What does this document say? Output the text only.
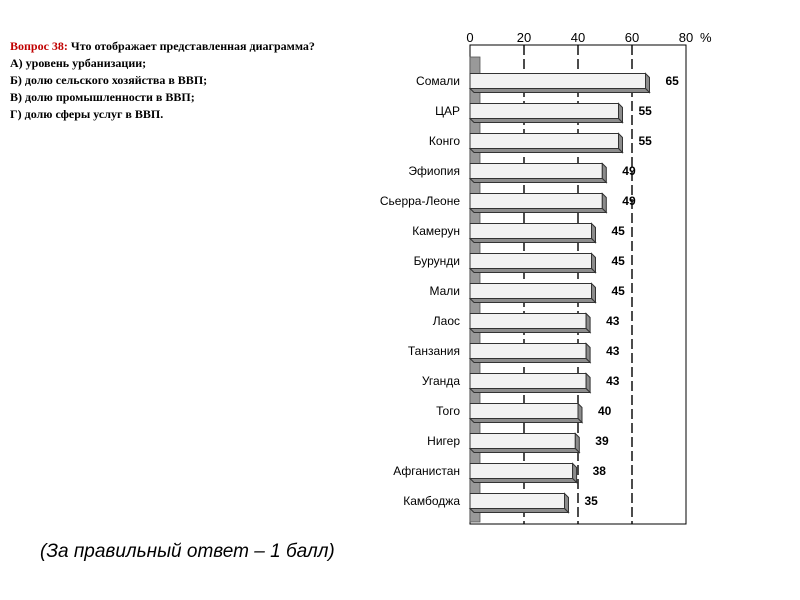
Вопрос 38: Что отображает представленная диаграмма?
А) уровень урбанизации;
Б) долю сельского хозяйства в ВВП;
В) долю промышленности в ВВП;
Г) долю сферы услуг в ВВП.
0	20	40	60	80 %
Сомали	65
ЦАР	55
Конго	55
Эфиопия	49
Сьерра-Леоне	49
Камерун	45
Бурунди	45
Мали	45
Лаос	43
Танзания	43
Уганда	43
Того	40
Нигер	39
Афганистан	38
Камбоджа	35
(За правильный ответ – 1 балл)
